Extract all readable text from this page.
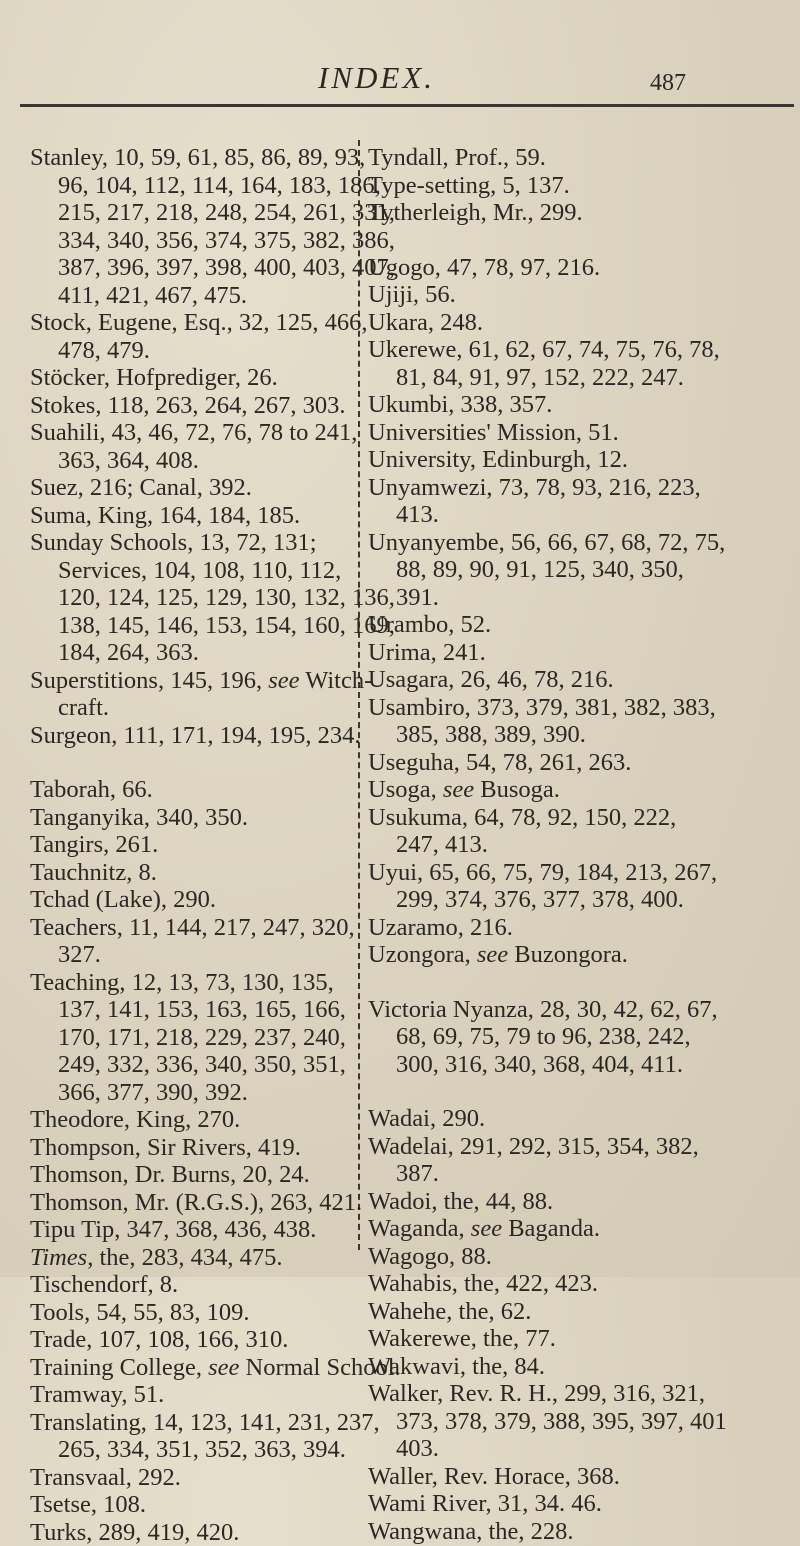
INDEX.	487
Stanley, 10, 59, 61, 85, 86, 89, 93,
96, 104, 112, 114, 164, 183, 186,
215, 217, 218, 248, 254, 261, 331,
334, 340, 356, 374, 375, 382, 386,
387, 396, 397, 398, 400, 403, 407,
411, 421, 467, 475.
Stock, Eugene, Esq., 32, 125, 466,
478, 479.
Stöcker, Hofprediger, 26.
Stokes, 118, 263, 264, 267, 303.
Suahili, 43, 46, 72, 76, 78 to 241,
363, 364, 408.
Suez, 216; Canal, 392.
Suma, King, 164, 184, 185.
Sunday Schools, 13, 72, 131;
Services, 104, 108, 110, 112,
120, 124, 125, 129, 130, 132, 136,
138, 145, 146, 153, 154, 160, 169,
184, 264, 363.
Superstitions, 145, 196, see Witch-
craft.
Surgeon, 111, 171, 194, 195, 234.
Taborah, 66.
Tanganyika, 340, 350.
Tangirs, 261.
Tauchnitz, 8.
Tchad (Lake), 290.
Teachers, 11, 144, 217, 247, 320,
327.
Teaching, 12, 13, 73, 130, 135,
137, 141, 153, 163, 165, 166,
170, 171, 218, 229, 237, 240,
249, 332, 336, 340, 350, 351,
366, 377, 390, 392.
Theodore, King, 270.
Thompson, Sir Rivers, 419.
Thomson, Dr. Burns, 20, 24.
Thomson, Mr. (R.G.S.), 263, 421.
Tipu Tip, 347, 368, 436, 438.
Times, the, 283, 434, 475.
Tischendorf, 8.
Tools, 54, 55, 83, 109.
Trade, 107, 108, 166, 310.
Training College, see Normal School.
Tramway, 51.
Translating, 14, 123, 141, 231, 237,
265, 334, 351, 352, 363, 394.
Transvaal, 292.
Tsetse, 108.
Turks, 289, 419, 420.
Tyndall, Prof., 59.
Type-setting, 5, 137.
Tytherleigh, Mr., 299.
Ugogo, 47, 78, 97, 216.
Ujiji, 56.
Ukara, 248.
Ukerewe, 61, 62, 67, 74, 75, 76, 78,
81, 84, 91, 97, 152, 222, 247.
Ukumbi, 338, 357.
Universities' Mission, 51.
University, Edinburgh, 12.
Unyamwezi, 73, 78, 93, 216, 223,
413.
Unyanyembe, 56, 66, 67, 68, 72, 75,
88, 89, 90, 91, 125, 340, 350,
391.
Urambo, 52.
Urima, 241.
Usagara, 26, 46, 78, 216.
Usambiro, 373, 379, 381, 382, 383,
385, 388, 389, 390.
Useguha, 54, 78, 261, 263.
Usoga, see Busoga.
Usukuma, 64, 78, 92, 150, 222,
247, 413.
Uyui, 65, 66, 75, 79, 184, 213, 267,
299, 374, 376, 377, 378, 400.
Uzaramo, 216.
Uzongora, see Buzongora.
Victoria Nyanza, 28, 30, 42, 62, 67,
68, 69, 75, 79 to 96, 238, 242,
300, 316, 340, 368, 404, 411.
Wadai, 290.
Wadelai, 291, 292, 315, 354, 382,
387.
Wadoi, the, 44, 88.
Waganda, see Baganda.
Wagogo, 88.
Wahabis, the, 422, 423.
Wahehe, the, 62.
Wakerewe, the, 77.
Wakwavi, the, 84.
Walker, Rev. R. H., 299, 316, 321,
373, 378, 379, 388, 395, 397, 401
403.
Waller, Rev. Horace, 368.
Wami River, 31, 34. 46.
Wangwana, the, 228.
